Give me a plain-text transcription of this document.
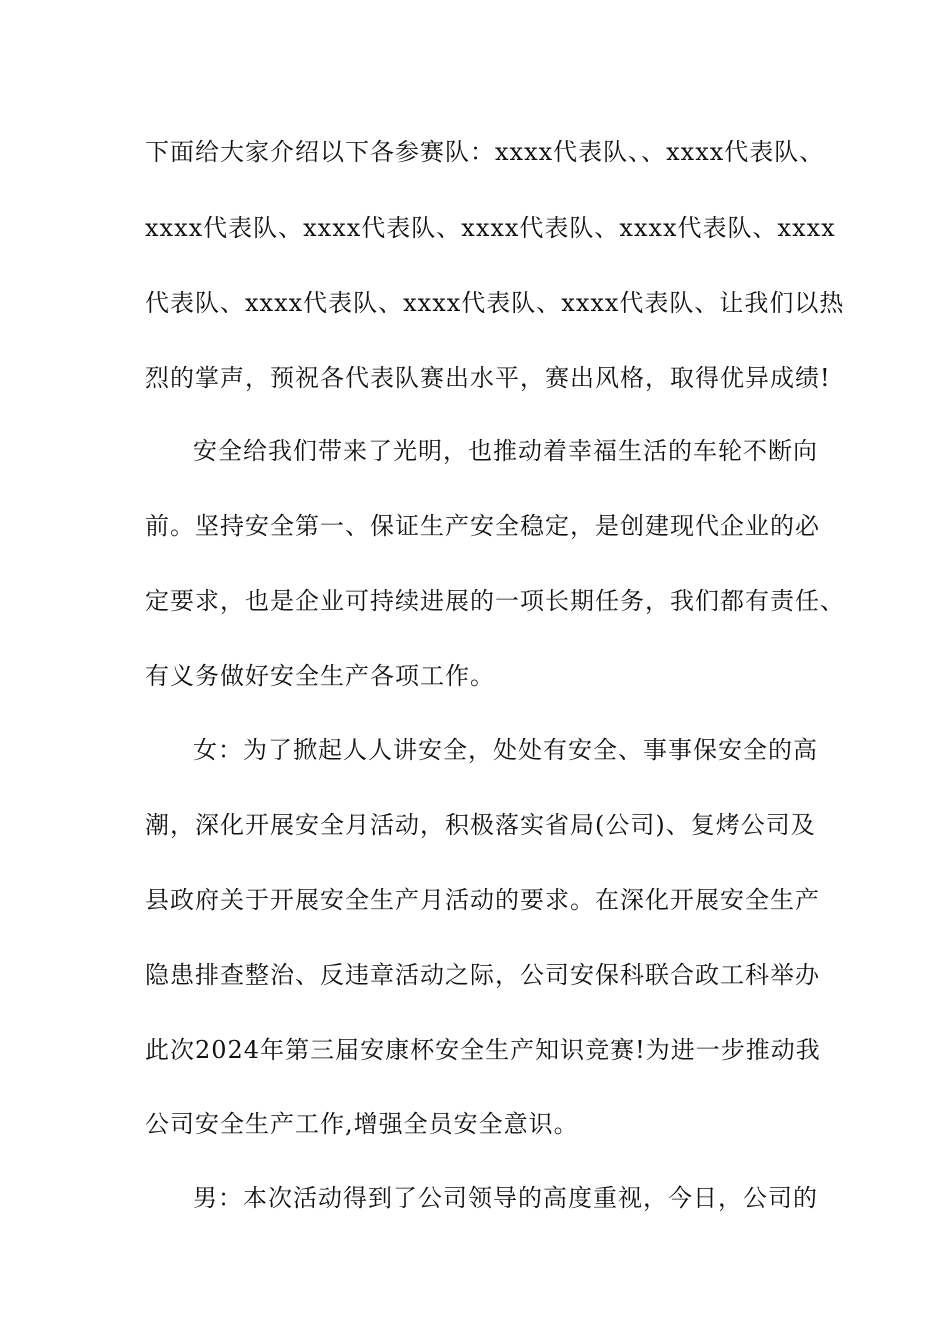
下面给大家介绍以下各参赛队：xxxx代表队、、xxxx代表队、
xxxx代表队、xxxx代表队、xxxx代表队、xxxx代表队、xxxx
代表队、xxxx代表队、xxxx代表队、xxxx代表队、让我们以热
烈的掌声，预祝各代表队赛出水平，赛出风格，取得优异成绩!
安全给我们带来了光明，也推动着幸福生活的车轮不断向
前。坚持安全第一、保证生产安全稳定，是创建现代企业的必
定要求，也是企业可持续进展的一项长期任务，我们都有责任、
有义务做好安全生产各项工作。
女：为了掀起人人讲安全，处处有安全、事事保安全的高
潮，深化开展安全月活动，积极落实省局(公司)、复烤公司及
县政府关于开展安全生产月活动的要求。在深化开展安全生产
隐患排查整治、反违章活动之际，公司安保科联合政工科举办
此次2024年第三届安康杯安全生产知识竞赛!为进一步推动我
公司安全生产工作,增强全员安全意识。
男：本次活动得到了公司领导的高度重视，今日，公司的
